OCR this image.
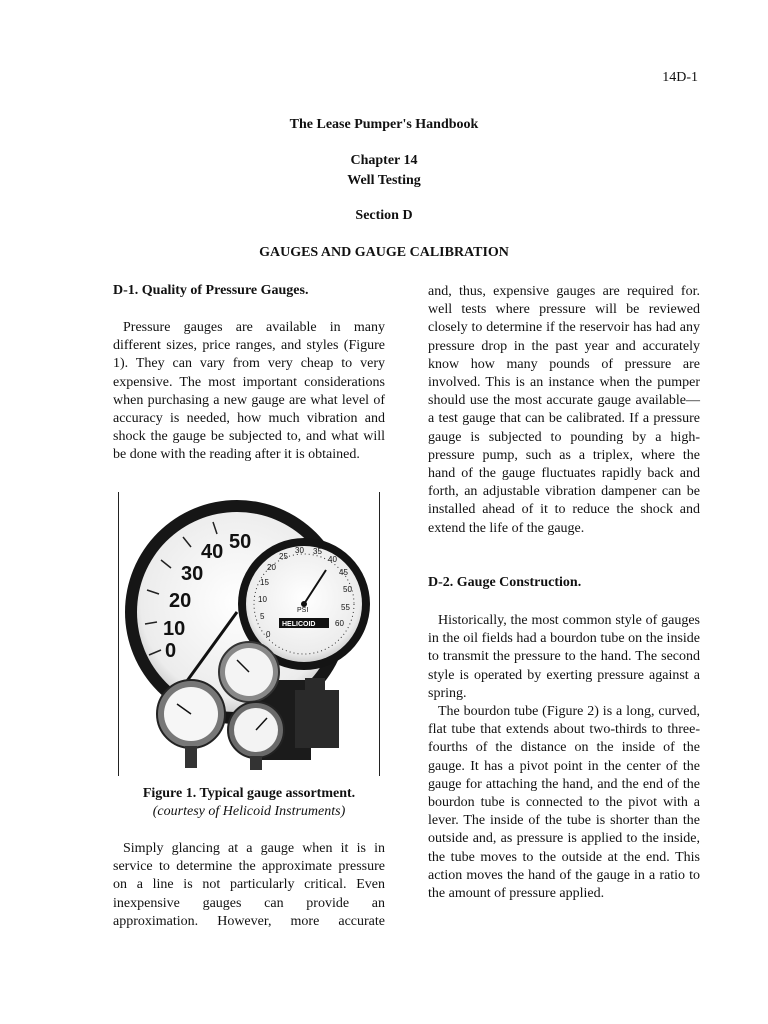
14D-1
The Lease Pumper's Handbook
Chapter 14
Well Testing
Section D
GAUGES AND GAUGE CALIBRATION
D-1. Quality of Pressure Gauges.

Pressure gauges are available in many different sizes, price ranges, and styles (Figure 1). They can vary from very cheap to very expensive. The most important considerations when purchasing a new gauge are what level of accuracy is needed, how much vibration and shock the gauge be subjected to, and what will be done with the reading after it is obtained.

0
10
20
30
40 50
0
5
10
15
20
25
30 35
40
45
50
55
60
PSI
HELICOID
Figure 1. Typical gauge assortment.
(courtesy of Helicoid Instruments)

Simply glancing at a gauge when it is in service to determine the approximate pressure on a line is not particularly critical. Even inexpensive gauges can provide an approximation. However, more accurate

and, thus, expensive gauges are required for. well tests where pressure will be reviewed closely to determine if the reservoir has had any pressure drop in the past year and accurately know how many pounds of pressure are involved. This is an instance when the pumper should use the most accurate gauge available—a test gauge that can be calibrated. If a pressure gauge is subjected to pounding by a high-pressure pump, such as a triplex, where the hand of the gauge fluctuates rapidly back and forth, an adjustable vibration dampener can be installed ahead of it to reduce the shock and extend the life of the gauge.

D-2. Gauge Construction.

Historically, the most common style of gauges in the oil fields had a bourdon tube on the inside to transmit the pressure to the hand. The second style is operated by exerting pressure against a spring.

The bourdon tube (Figure 2) is a long, curved, flat tube that extends about two-thirds to three-fourths of the distance on the inside of the gauge. It has a pivot point in the center of the gauge for attaching the hand, and the end of the bourdon tube is connected to the pivot with a lever. The inside of the tube is shorter than the outside and, as pressure is applied to the inside, the tube moves to the outside at the end. This action moves the hand of the gauge in a ratio to the amount of pressure applied.
